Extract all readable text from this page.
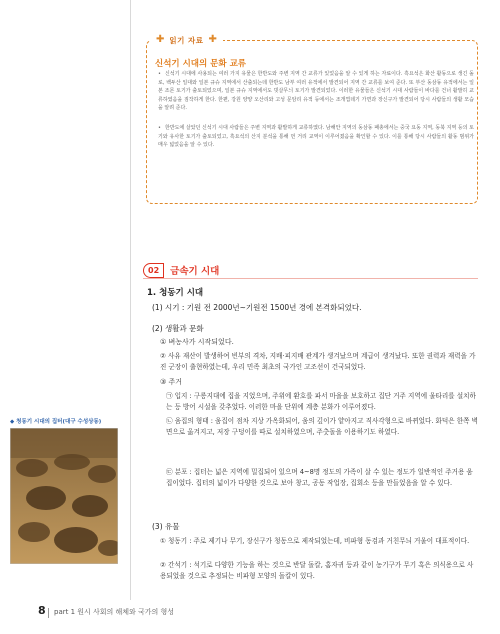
✚ 읽기 자료 ✚
신석기 시대의 문화 교류
• 신석기 시대에 사용되는 여러 가지 유물은 한반도와 주변 지역 간 교류가 있었음을 알 수 있게 하는 자료이다. 흑요석은 화산 활동으로 생긴 돌로, 백두산 일대와 일본 규슈 지역에서 산출되는데 한반도 남부 여러 유적에서 발견되어 지역 간 교류를 보여 준다. 또 부산 동삼동 유적에서는 일본 조몬 토기가 출토되었으며, 일본 규슈 지역에서도 빗살무늬 토기가 발견되었다. 이러한 유물들은 신석기 시대 사람들이 바다를 건너 활발히 교류하였음을 짐작하게 한다. 한편, 강원 양양 오산리와 고성 문암리 유적 등에서는 조개껍데기 가면과 장신구가 발견되어 당시 사람들의 생활 모습을 알려 준다.
• 한반도에 살았던 신석기 시대 사람들은 주변 지역과 활발하게 교류하였다. 남해안 지역의 동삼동 패총에서는 중국 요동 지역, 동북 지역 등의 토기와 유사한 토기가 출토되었고, 흑요석의 산지 분석을 통해 먼 거리 교역이 이루어졌음을 확인할 수 있다. 이를 통해 당시 사람들의 활동 범위가 매우 넓었음을 알 수 있다.
02	금속기 시대
1. 청동기 시대
(1) 시기 : 기원 전 2000년~기원전 1500년 경에 본격화되었다.
(2) 생활과 문화
① 벼농사가 시작되었다.
② 사유 재산이 발생하여 빈부의 격차, 지배·피지배 관계가 생겨났으며 계급이 생겨났다. 또한 권력과 재력을 가진 군장이 출현하였는데, 우리 민족 최초의 국가인 고조선이 건국되었다.
③ 주거
㉠ 입지 : 구릉지대에 집을 지었으며, 주위에 환호를 파서 마을을 보호하고 집단 거주 지역에 울타리를 설치하는 등 방어 시설을 갖추었다. 이러한 마을 단위에 계층 분화가 이루어졌다.
㉡ 움집의 형태 : 움집이 점차 지상 가옥화되어, 움의 깊이가 얕아지고 직사각형으로 바뀌었다. 화덕은 한쪽 벽면으로 옮겨지고, 저장 구덩이를 따로 설치하였으며, 주춧돌을 이용하기도 하였다.
㉢ 분포 : 집터는 넓은 지역에 밀집되어 있으며 4~8명 정도의 가족이 살 수 있는 정도가 일반적인 주거용 움집이었다. 집터의 넓이가 다양한 것으로 보아 창고, 공동 작업장, 집회소 등을 만들었음을 알 수 있다.
(3) 유물
① 청동기 : 주로 제기나 무기, 장신구가 청동으로 제작되었는데, 비파형 동검과 거친무늬 거울이 대표적이다.
② 간석기 : 석기로 다양한 기능을 하는 것으로 반달 돌칼, 홈자귀 등과 같이 농기구가 무기 혹은 의식용으로 사용되었을 것으로 추정되는 비파형 모양의 돌칼이 있다.
◆ 청동기 시대의 집터(대구 수성상동)
8 part 1 원시 사회의 해체와 국가의 형성
